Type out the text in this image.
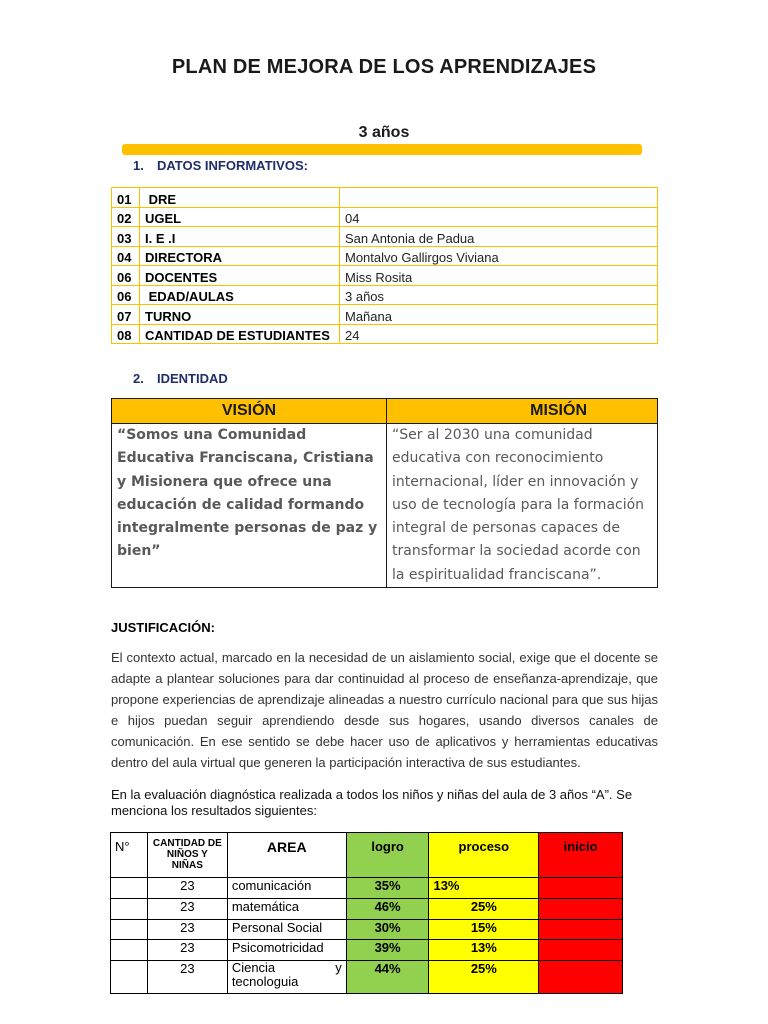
PLAN DE MEJORA DE LOS APRENDIZAJES
3 años
1. DATOS INFORMATIVOS:
01	DRE	
02	UGEL	04
03	I. E .I	San Antonia de Padua
04	DIRECTORA	Montalvo Gallirgos Viviana
06	DOCENTES	Miss Rosita
06	EDAD/AULAS	3 años
07	TURNO	Mañana
08	CANTIDAD DE ESTUDIANTES	24
2. IDENTIDAD
VISIÓN	MISIÓN
“Somos una Comunidad Educativa Franciscana, Cristiana y Misionera que ofrece una educación de calidad formando integralmente personas de paz y bien”	“Ser al 2030 una comunidad educativa con reconocimiento internacional, líder en innovación y uso de tecnología para la formación integral de personas capaces de transformar la sociedad acorde con la espiritualidad franciscana”.
JUSTIFICACIÓN:
El contexto actual, marcado en la necesidad de un aislamiento social, exige que el docente se adapte a plantear soluciones para dar continuidad al proceso de enseñanza-aprendizaje, que propone experiencias de aprendizaje alineadas a nuestro currículo nacional para que sus hijas e hijos puedan seguir aprendiendo desde sus hogares, usando diversos canales de comunicación. En ese sentido se debe hacer uso de aplicativos y herramientas educativas dentro del aula virtual que generen la participación interactiva de sus estudiantes.
En la evaluación diagnóstica realizada a todos los niños y niñas del aula de 3 años “A”. Se menciona los resultados siguientes:
N°	CANTIDAD DE NIÑOS Y NIÑAS	AREA	logro	proceso	inicio
	23	comunicación	35%	13%	
	23	matemática	46%	25%	
	23	Personal Social	30%	15%	
	23	Psicomotricidad	39%	13%	
	23	Ciencia y tecnologuia	44%	25%	
